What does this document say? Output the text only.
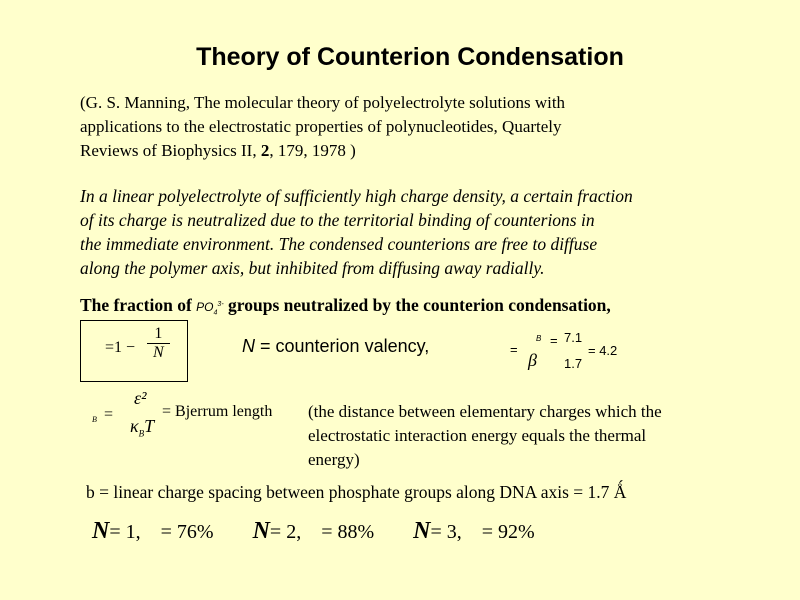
Theory of Counterion Condensation
(G. S. Manning, The molecular theory of polyelectrolyte solutions with
applications to the electrostatic properties of polynucleotides, Quartely
Reviews of Biophysics II, 2, 179, 1978 )
In a linear polyelectrolyte of sufficiently high charge density, a certain fraction
of its charge is neutralized due to the territorial binding of counterions in
the immediate environment. The condensed counterions are free to diffuse
along the polymer axis, but inhibited from diffusing away radially.
The fraction of $PO_4^{3-}$ groups neutralized by the counterion condensation,
$=1 - \frac{1}{N}$	N = counterion valency,	=
B
β
= 7.1
1.7
= 4.2
B =
ε²
$\kappa_BT$
= Bjerrum length (the distance between elementary charges which the
electrostatic interaction energy equals the thermal
energy)
b = linear charge spacing between phosphate groups along DNA axis = 1.7 Ǻ
N= 1, = 76% N= 2, = 88% N= 3, = 92%
